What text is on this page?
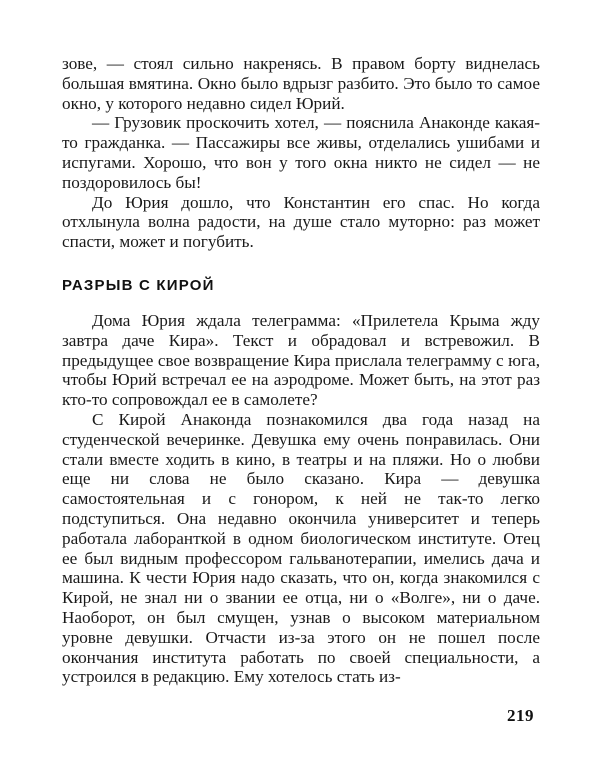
зове, — стоял сильно накренясь. В правом борту виднелась большая вмятина. Окно было вдрызг разбито. Это было то самое окно, у которого недавно сидел Юрий.

— Грузовик проскочить хотел, — пояснила Анаконде какая-то гражданка. — Пассажиры все живы, отделались ушибами и испугами. Хорошо, что вон у того окна никто не сидел — не поздоровилось бы!

До Юрия дошло, что Константин его спас. Но когда отхлынула волна радости, на душе стало муторно: раз может спасти, может и погубить.

РАЗРЫВ С КИРОЙ

Дома Юрия ждала телеграмма: «Прилетела Крыма жду завтра даче Кира». Текст и обрадовал и встревожил. В предыдущее свое возвращение Кира прислала телеграмму с юга, чтобы Юрий встречал ее на аэродроме. Может быть, на этот раз кто-то сопровождал ее в самолете?

С Кирой Анаконда познакомился два года назад на студенческой вечеринке. Девушка ему очень понравилась. Они стали вместе ходить в кино, в театры и на пляжи. Но о любви еще ни слова не было сказано. Кира — девушка самостоятельная и с гонором, к ней не так-то легко подступиться. Она недавно окончила университет и теперь работала лаборанткой в одном биологическом институте. Отец ее был видным профессором гальванотерапии, имелись дача и машина. К чести Юрия надо сказать, что он, когда знакомился с Кирой, не знал ни о звании ее отца, ни о «Волге», ни о даче. Наоборот, он был смущен, узнав о высоком материальном уровне девушки. Отчасти из-за этого он не пошел после окончания института работать по своей специальности, а устроился в редакцию. Ему хотелось стать из-

219
